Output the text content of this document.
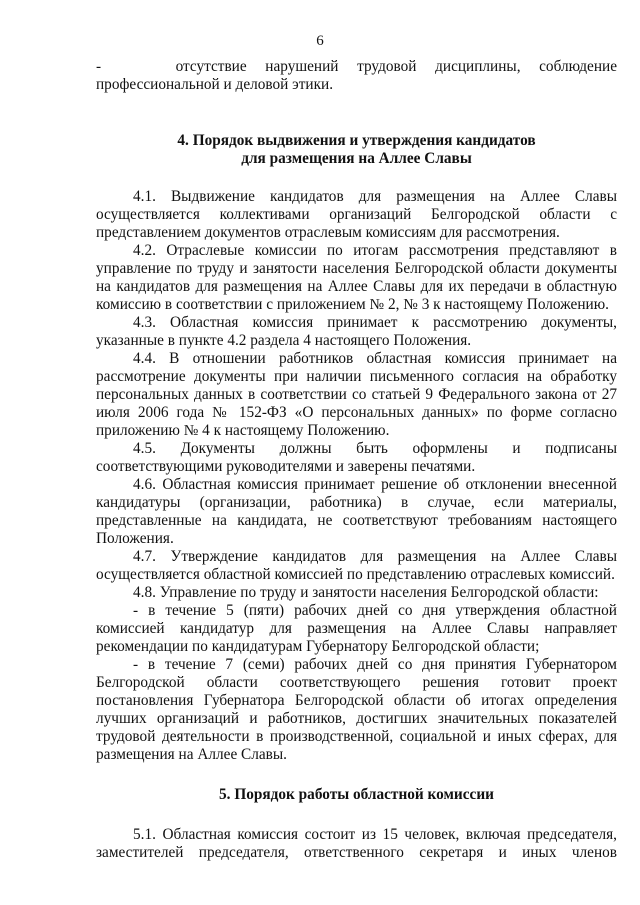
6

-    отсутствие нарушений трудовой дисциплины, соблюдение профессиональной и деловой этики.

4. Порядок выдвижения и утверждения кандидатов
для размещения на Аллее Славы

4.1. Выдвижение кандидатов для размещения на Аллее Славы осуществляется коллективами организаций Белгородской области с представлением документов отраслевым комиссиям для рассмотрения.

4.2. Отраслевые комиссии по итогам рассмотрения представляют в управление по труду и занятости населения Белгородской области документы на кандидатов для размещения на Аллее Славы для их передачи в областную комиссию в соответствии с приложением № 2, № 3 к настоящему Положению.

4.3. Областная комиссия принимает к рассмотрению документы, указанные в пункте 4.2 раздела 4 настоящего Положения.

4.4. В отношении работников областная комиссия принимает на рассмотрение документы при наличии письменного согласия на обработку персональных данных в соответствии со статьей 9 Федерального закона от 27 июля 2006 года № 152-ФЗ «О персональных данных» по форме согласно приложению № 4 к настоящему Положению.

4.5. Документы должны быть оформлены и подписаны соответствующими руководителями и заверены печатями.

4.6. Областная комиссия принимает решение об отклонении внесенной кандидатуры (организации, работника) в случае, если материалы, представленные на кандидата, не соответствуют требованиям настоящего Положения.

4.7. Утверждение кандидатов для размещения на Аллее Славы осуществляется областной комиссией по представлению отраслевых комиссий.

4.8. Управление по труду и занятости населения Белгородской области:

- в течение 5 (пяти) рабочих дней со дня утверждения областной комиссией кандидатур для размещения на Аллее Славы направляет рекомендации по кандидатурам Губернатору Белгородской области;

- в течение 7 (семи) рабочих дней со дня принятия Губернатором Белгородской области соответствующего решения готовит проект постановления Губернатора Белгородской области об итогах определения лучших организаций и работников, достигших значительных показателей трудовой деятельности в производственной, социальной и иных сферах, для размещения на Аллее Славы.

5. Порядок работы областной комиссии

5.1. Областная комиссия состоит из 15 человек, включая председателя, заместителей председателя, ответственного секретаря и иных членов
